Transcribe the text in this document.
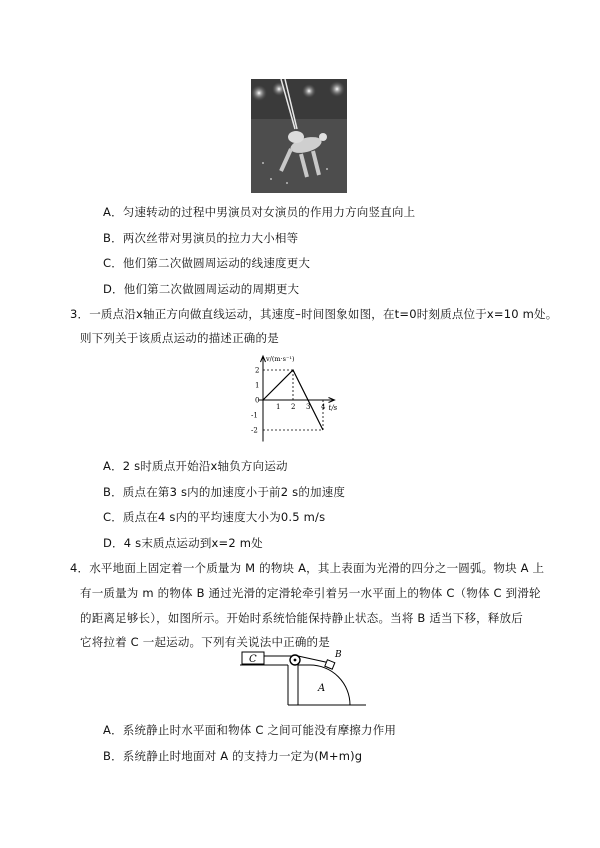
A．匀速转动的过程中男演员对女演员的作用力方向竖直向上
B．两次丝带对男演员的拉力大小相等
C．他们第二次做圆周运动的线速度更大
D．他们第二次做圆周运动的周期更大
3．一质点沿x轴正方向做直线运动，其速度–时间图象如图，在t=0时刻质点位于x=10 m处。
则下列关于该质点运动的描述正确的是
v/(m·s⁻¹)
t/s
1 2 3 4
2
1
0
-1
-2
A．2 s时质点开始沿x轴负方向运动
B．质点在第3 s内的加速度小于前2 s的加速度
C．质点在4 s内的平均速度大小为0.5 m/s
D．4 s末质点运动到x=2 m处
4．水平地面上固定着一个质量为 M 的物块 A，其上表面为光滑的四分之一圆弧。物块 A 上
有一质量为 m 的物体 B 通过光滑的定滑轮牵引着另一水平面上的物体 C（物体 C 到滑轮
的距离足够长），如图所示。开始时系统恰能保持静止状态。当将 B 适当下移，释放后
它将拉着 C 一起运动。下列有关说法中正确的是
C
A
B
A．系统静止时水平面和物体 C 之间可能没有摩擦力作用
B．系统静止时地面对 A 的支持力一定为(M+m)g
